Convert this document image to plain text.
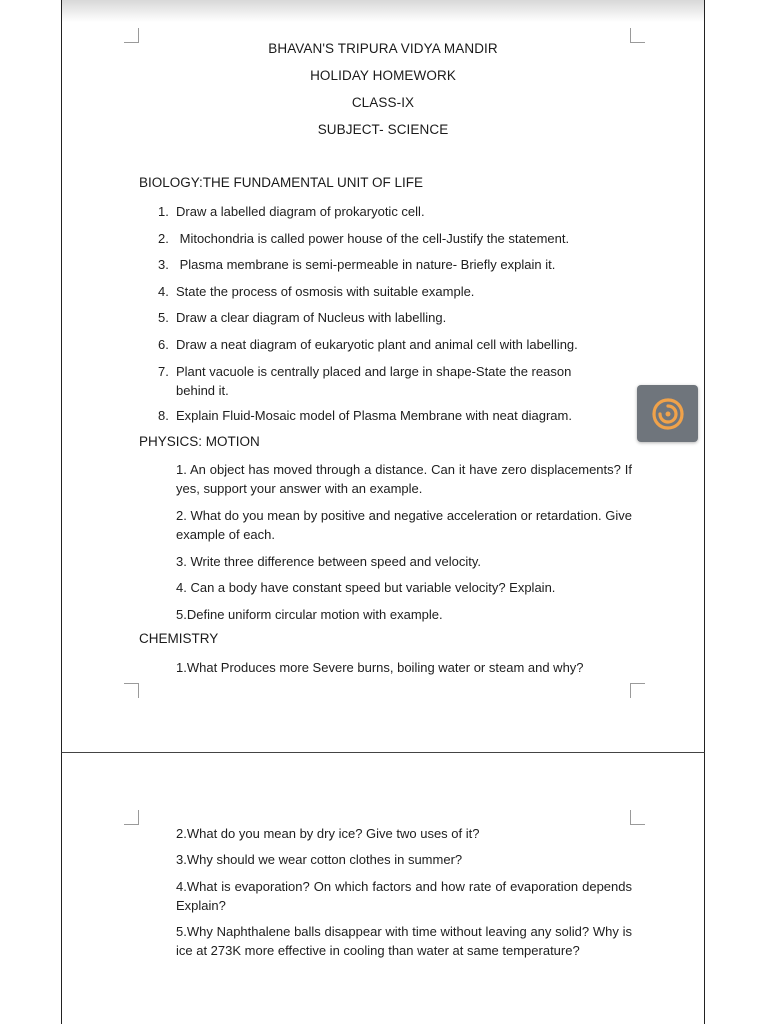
BHAVAN'S TRIPURA VIDYA MANDIR
HOLIDAY HOMEWORK
CLASS-IX
SUBJECT- SCIENCE
BIOLOGY:THE FUNDAMENTAL UNIT OF LIFE
1. Draw a labelled diagram of prokaryotic cell.
2. Mitochondria is called power house of the cell-Justify the statement.
3. Plasma membrane is semi-permeable in nature- Briefly explain it.
4. State the process of osmosis with suitable example.
5. Draw a clear diagram of Nucleus with labelling.
6. Draw a neat diagram of eukaryotic plant and animal cell with labelling.
7. Plant vacuole is centrally placed and large in shape-State the reason
behind it.
8. Explain Fluid-Mosaic model of Plasma Membrane with neat diagram.
PHYSICS: MOTION
1. An object has moved through a distance. Can it have zero displacements? If yes, support your answer with an example.
2. What do you mean by positive and negative acceleration or retardation. Give example of each.
3. Write three difference between speed and velocity.
4. Can a body have constant speed but variable velocity? Explain.
5.Define uniform circular motion with example.
CHEMISTRY
1.What Produces more Severe burns, boiling water or steam and why?
2.What do you mean by dry ice? Give two uses of it?
3.Why should we wear cotton clothes in summer?
4.What is evaporation? On which factors and how rate of evaporation depends Explain?
5.Why Naphthalene balls disappear with time without leaving any solid? Why is ice at 273K more effective in cooling than water at same temperature?
